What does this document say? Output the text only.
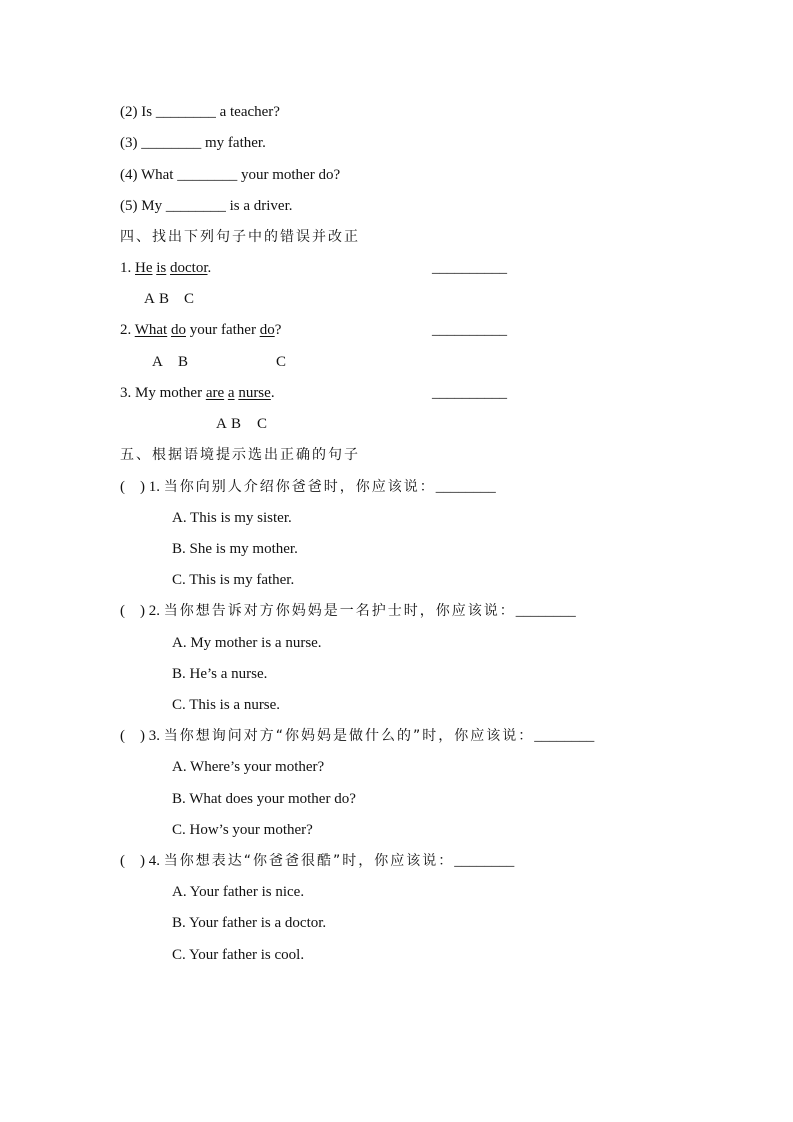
(2) Is ________ a teacher?
(3) ________ my father.
(4) What ________ your mother do?
(5) My ________ is a driver.
四、找出下列句子中的错误并改正
1. He is doctor.	__________
A B C
2. What do your father do?	__________
A B	C
3. My mother are a nurse.	__________
A B C
五、根据语境提示选出正确的句子
(    ) 1. 当你向别人介绍你爸爸时，你应该说：________
A. This is my sister.
B. She is my mother.
C. This is my father.
(    ) 2. 当你想告诉对方你妈妈是一名护士时，你应该说：________
A. My mother is a nurse.
B. He’s a nurse.
C. This is a nurse.
(    ) 3. 当你想询问对方“你妈妈是做什么的”时，你应该说：________
A. Where’s your mother?
B. What does your mother do?
C. How’s your mother?
(    ) 4. 当你想表达“你爸爸很酷”时，你应该说：________
A. Your father is nice.
B. Your father is a doctor.
C. Your father is cool.
